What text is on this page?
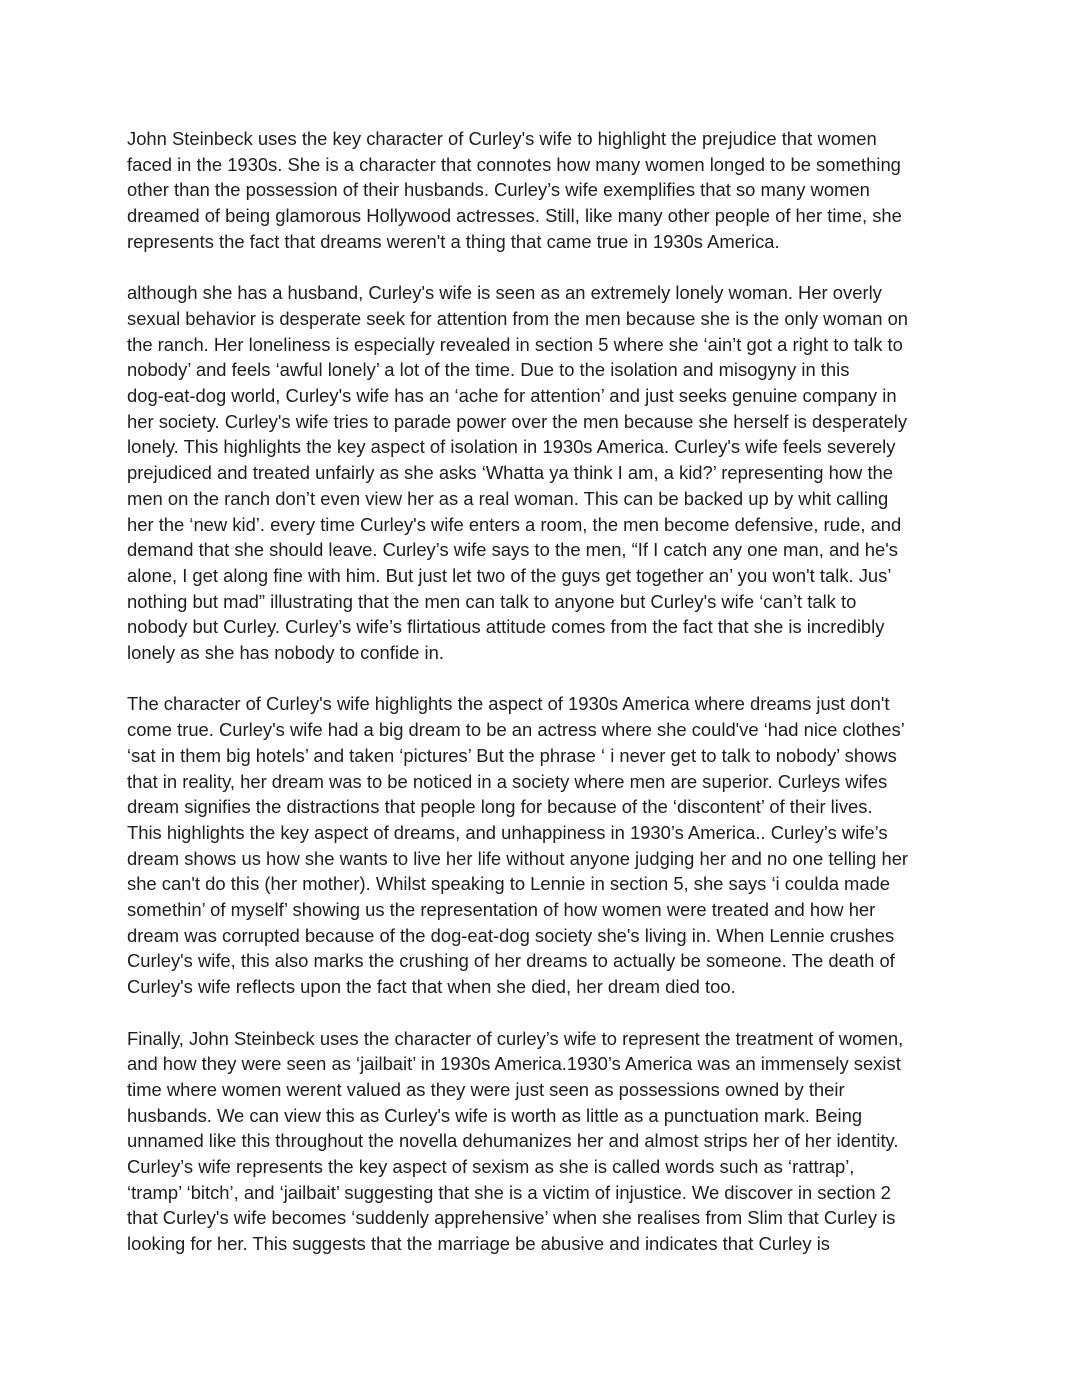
John Steinbeck uses the key character of Curley's wife to highlight the prejudice that women

faced in the 1930s. She is a character that connotes how many women longed to be something

other than the possession of their husbands. Curley’s wife exemplifies that so many women

dreamed of being glamorous Hollywood actresses. Still, like many other people of her time, she

represents the fact that dreams weren't a thing that came true in 1930s America.

although she has a husband, Curley's wife is seen as an extremely lonely woman. Her overly

sexual behavior is desperate seek for attention from the men because she is the only woman on

the ranch. Her loneliness is especially revealed in section 5 where she ‘ain’t got a right to talk to

nobody’ and feels ‘awful lonely’ a lot of the time. Due to the isolation and misogyny in this

dog-eat-dog world, Curley's wife has an ‘ache for attention’ and just seeks genuine company in

her society. Curley's wife tries to parade power over the men because she herself is desperately

lonely. This highlights the key aspect of isolation in 1930s America. Curley's wife feels severely

prejudiced and treated unfairly as she asks ‘Whatta ya think I am, a kid?’ representing how the

men on the ranch don’t even view her as a real woman. This can be backed up by whit calling

her the ‘new kid’. every time Curley's wife enters a room, the men become defensive, rude, and

demand that she should leave. Curley’s wife says to the men, “If I catch any one man, and he's

alone, I get along fine with him. But just let two of the guys get together an’ you won't talk. Jus’

nothing but mad” illustrating that the men can talk to anyone but Curley's wife ‘can’t talk to

nobody but Curley. Curley’s wife’s flirtatious attitude comes from the fact that she is incredibly

lonely as she has nobody to confide in.

The character of Curley's wife highlights the aspect of 1930s America where dreams just don't

come true. Curley's wife had a big dream to be an actress where she could've ‘had nice clothes’

‘sat in them big hotels’ and taken ‘pictures’ But the phrase ‘ i never get to talk to nobody’ shows

that in reality, her dream was to be noticed in a society where men are superior. Curleys wifes

dream signifies the distractions that people long for because of the ‘discontent’ of their lives.

This highlights the key aspect of dreams, and unhappiness in 1930’s America.. Curley’s wife’s

dream shows us how she wants to live her life without anyone judging her and no one telling her

she can't do this (her mother). Whilst speaking to Lennie in section 5, she says ‘i coulda made

somethin’ of myself’ showing us the representation of how women were treated and how her

dream was corrupted because of the dog-eat-dog society she's living in. When Lennie crushes

Curley's wife, this also marks the crushing of her dreams to actually be someone. The death of

Curley's wife reflects upon the fact that when she died, her dream died too.

Finally, John Steinbeck uses the character of curley’s wife to represent the treatment of women,

and how they were seen as ‘jailbait’ in 1930s America.1930’s America was an immensely sexist

time where women werent valued as they were just seen as possessions owned by their

husbands. We can view this as Curley's wife is worth as little as a punctuation mark. Being

unnamed like this throughout the novella dehumanizes her and almost strips her of her identity.

Curley’s wife represents the key aspect of sexism as she is called words such as ‘rattrap’,

‘tramp’ ‘bitch’, and ‘jailbait’ suggesting that she is a victim of injustice. We discover in section 2

that Curley's wife becomes ‘suddenly apprehensive’ when she realises from Slim that Curley is

looking for her. This suggests that the marriage be abusive and indicates that Curley is
